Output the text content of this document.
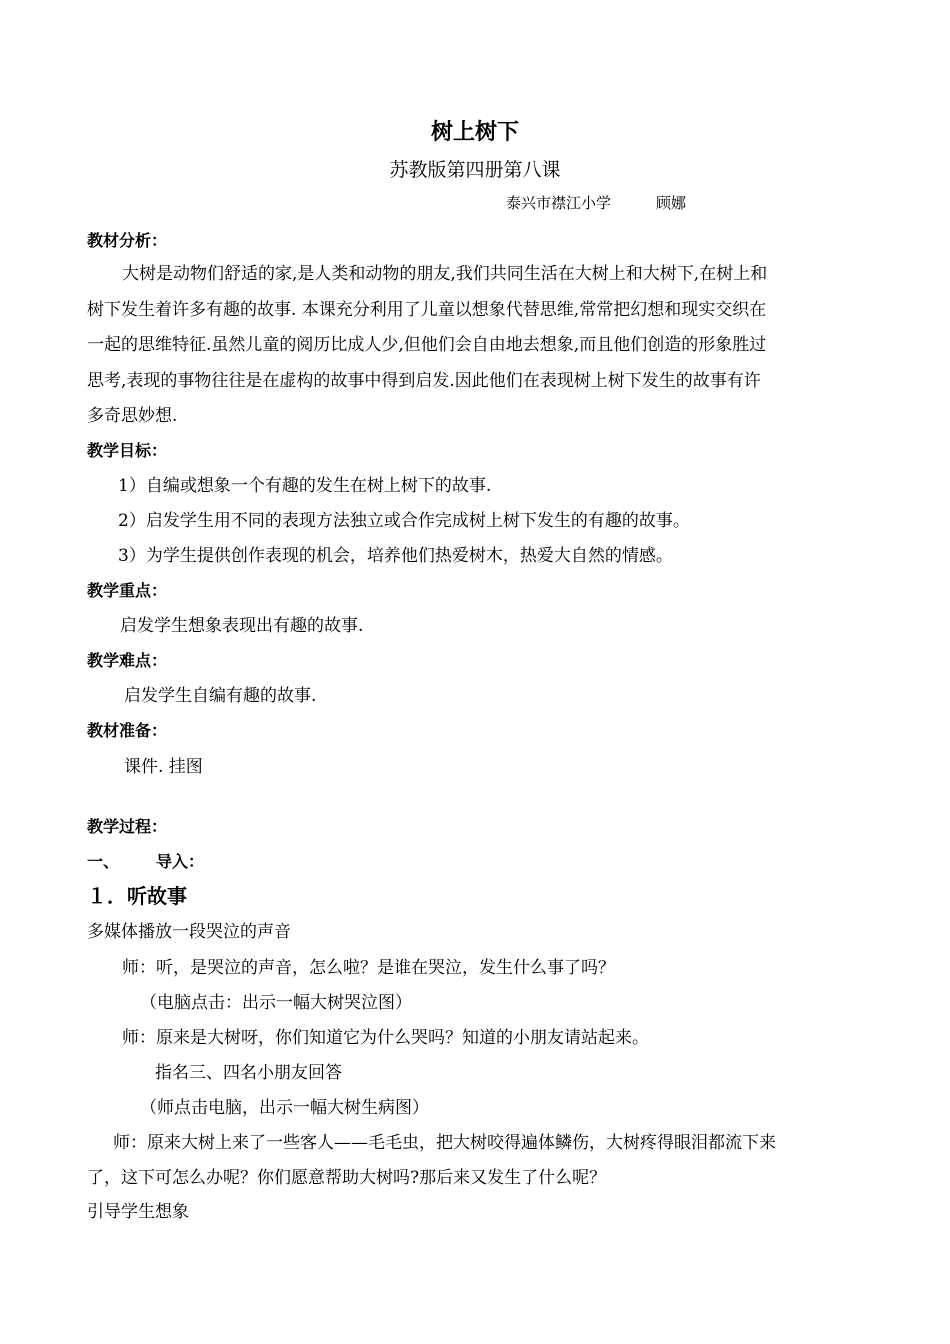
树上树下
苏教版第四册第八课
泰兴市襟江小学	顾娜
教材分析：
大树是动物们舒适的家,是人类和动物的朋友,我们共同生活在大树上和大树下,在树上和
树下发生着许多有趣的故事. 本课充分利用了儿童以想象代替思维,常常把幻想和现实交织在
一起的思维特征.虽然儿童的阅历比成人少,但他们会自由地去想象,而且他们创造的形象胜过
思考,表现的事物往往是在虚构的故事中得到启发.因此他们在表现树上树下发生的故事有许
多奇思妙想.
教学目标：
1）自编或想象一个有趣的发生在树上树下的故事.
2）启发学生用不同的表现方法独立或合作完成树上树下发生的有趣的故事。
3）为学生提供创作表现的机会，培养他们热爱树木，热爱大自然的情感。
教学重点：
启发学生想象表现出有趣的故事.
教学难点：
启发学生自编有趣的故事.
教材准备：
课件. 挂图
教学过程：
一、 导入：
１．听故事
多媒体播放一段哭泣的声音
师：听，是哭泣的声音，怎么啦？是谁在哭泣，发生什么事了吗？
（电脑点击：出示一幅大树哭泣图）
师：原来是大树呀，你们知道它为什么哭吗？知道的小朋友请站起来。
指名三、四名小朋友回答
（师点击电脑，出示一幅大树生病图）
师：原来大树上来了一些客人——毛毛虫，把大树咬得遍体鳞伤，大树疼得眼泪都流下来
了，这下可怎么办呢？你们愿意帮助大树吗?那后来又发生了什么呢？
引导学生想象
